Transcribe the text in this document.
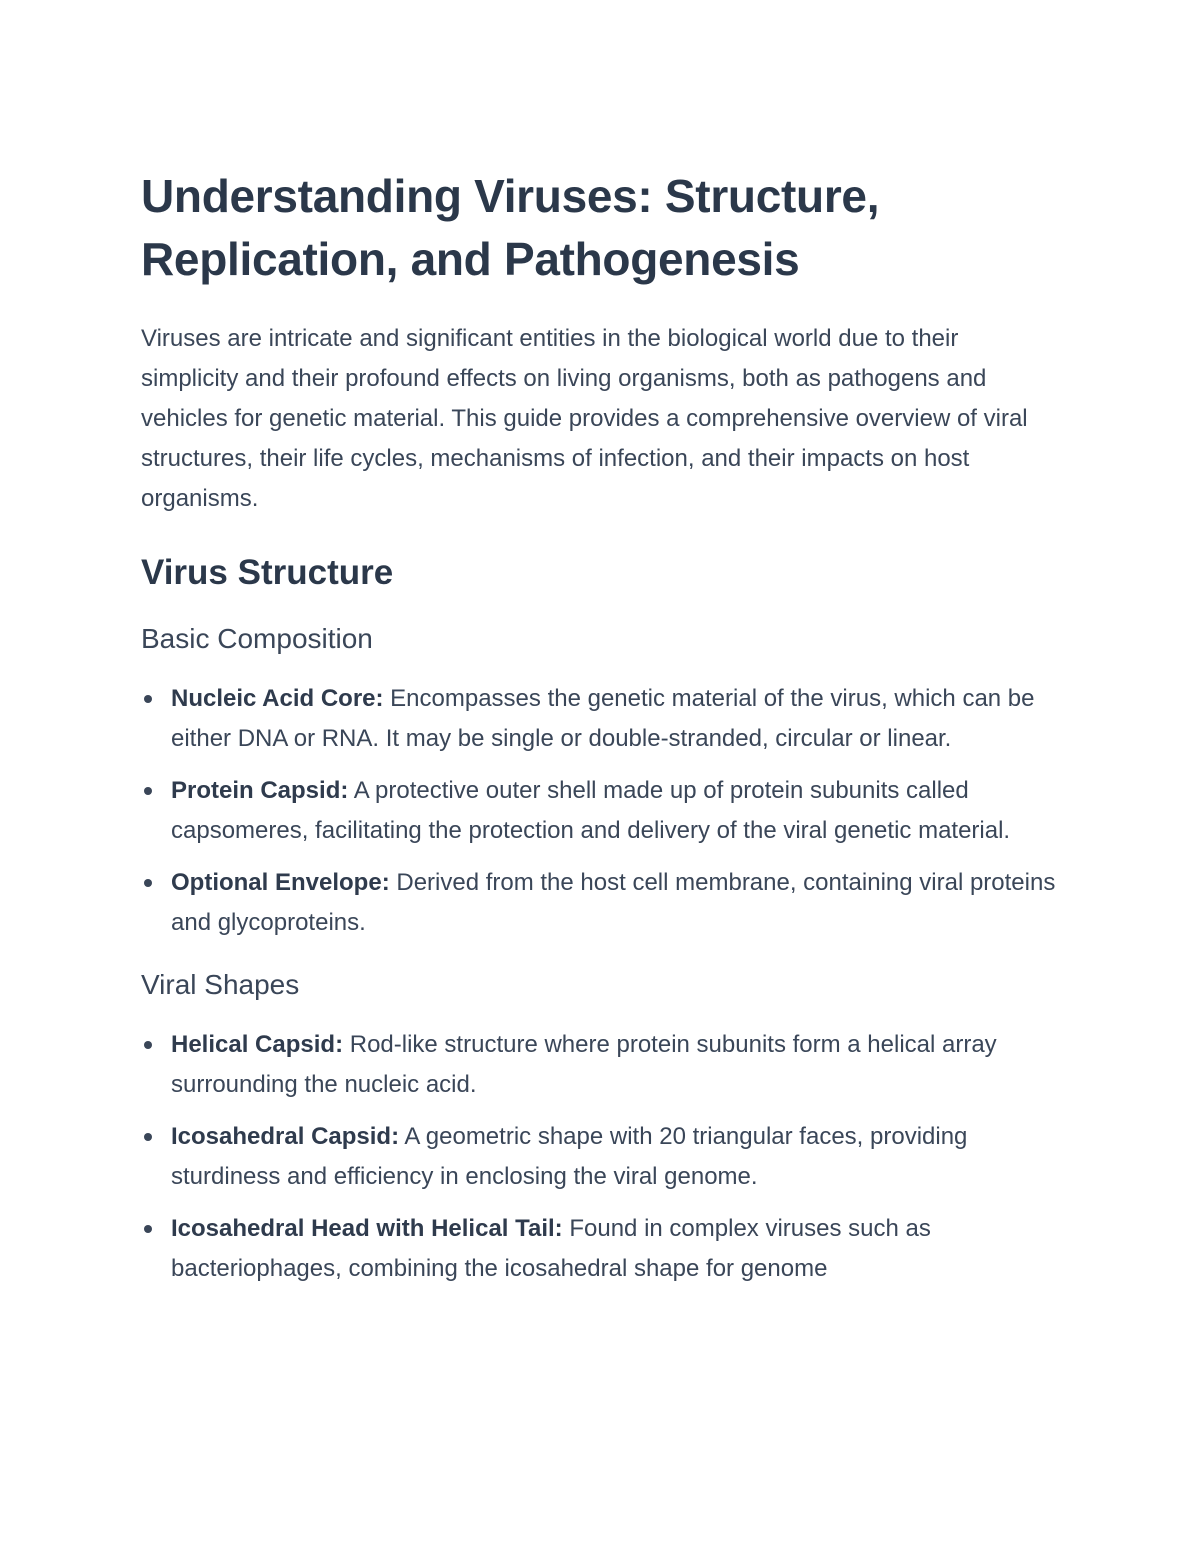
Understanding Viruses: Structure, Replication, and Pathogenesis

Viruses are intricate and significant entities in the biological world due to their simplicity and their profound effects on living organisms, both as pathogens and vehicles for genetic material. This guide provides a comprehensive overview of viral structures, their life cycles, mechanisms of infection, and their impacts on host organisms.

Virus Structure
Basic Composition
Nucleic Acid Core: Encompasses the genetic material of the virus, which can be either DNA or RNA. It may be single or double-stranded, circular or linear.
Protein Capsid: A protective outer shell made up of protein subunits called capsomeres, facilitating the protection and delivery of the viral genetic material.
Optional Envelope: Derived from the host cell membrane, containing viral proteins and glycoproteins.
Viral Shapes
Helical Capsid: Rod-like structure where protein subunits form a helical array surrounding the nucleic acid.
Icosahedral Capsid: A geometric shape with 20 triangular faces, providing sturdiness and efficiency in enclosing the viral genome.
Icosahedral Head with Helical Tail: Found in complex viruses such as bacteriophages, combining the icosahedral shape for genome
